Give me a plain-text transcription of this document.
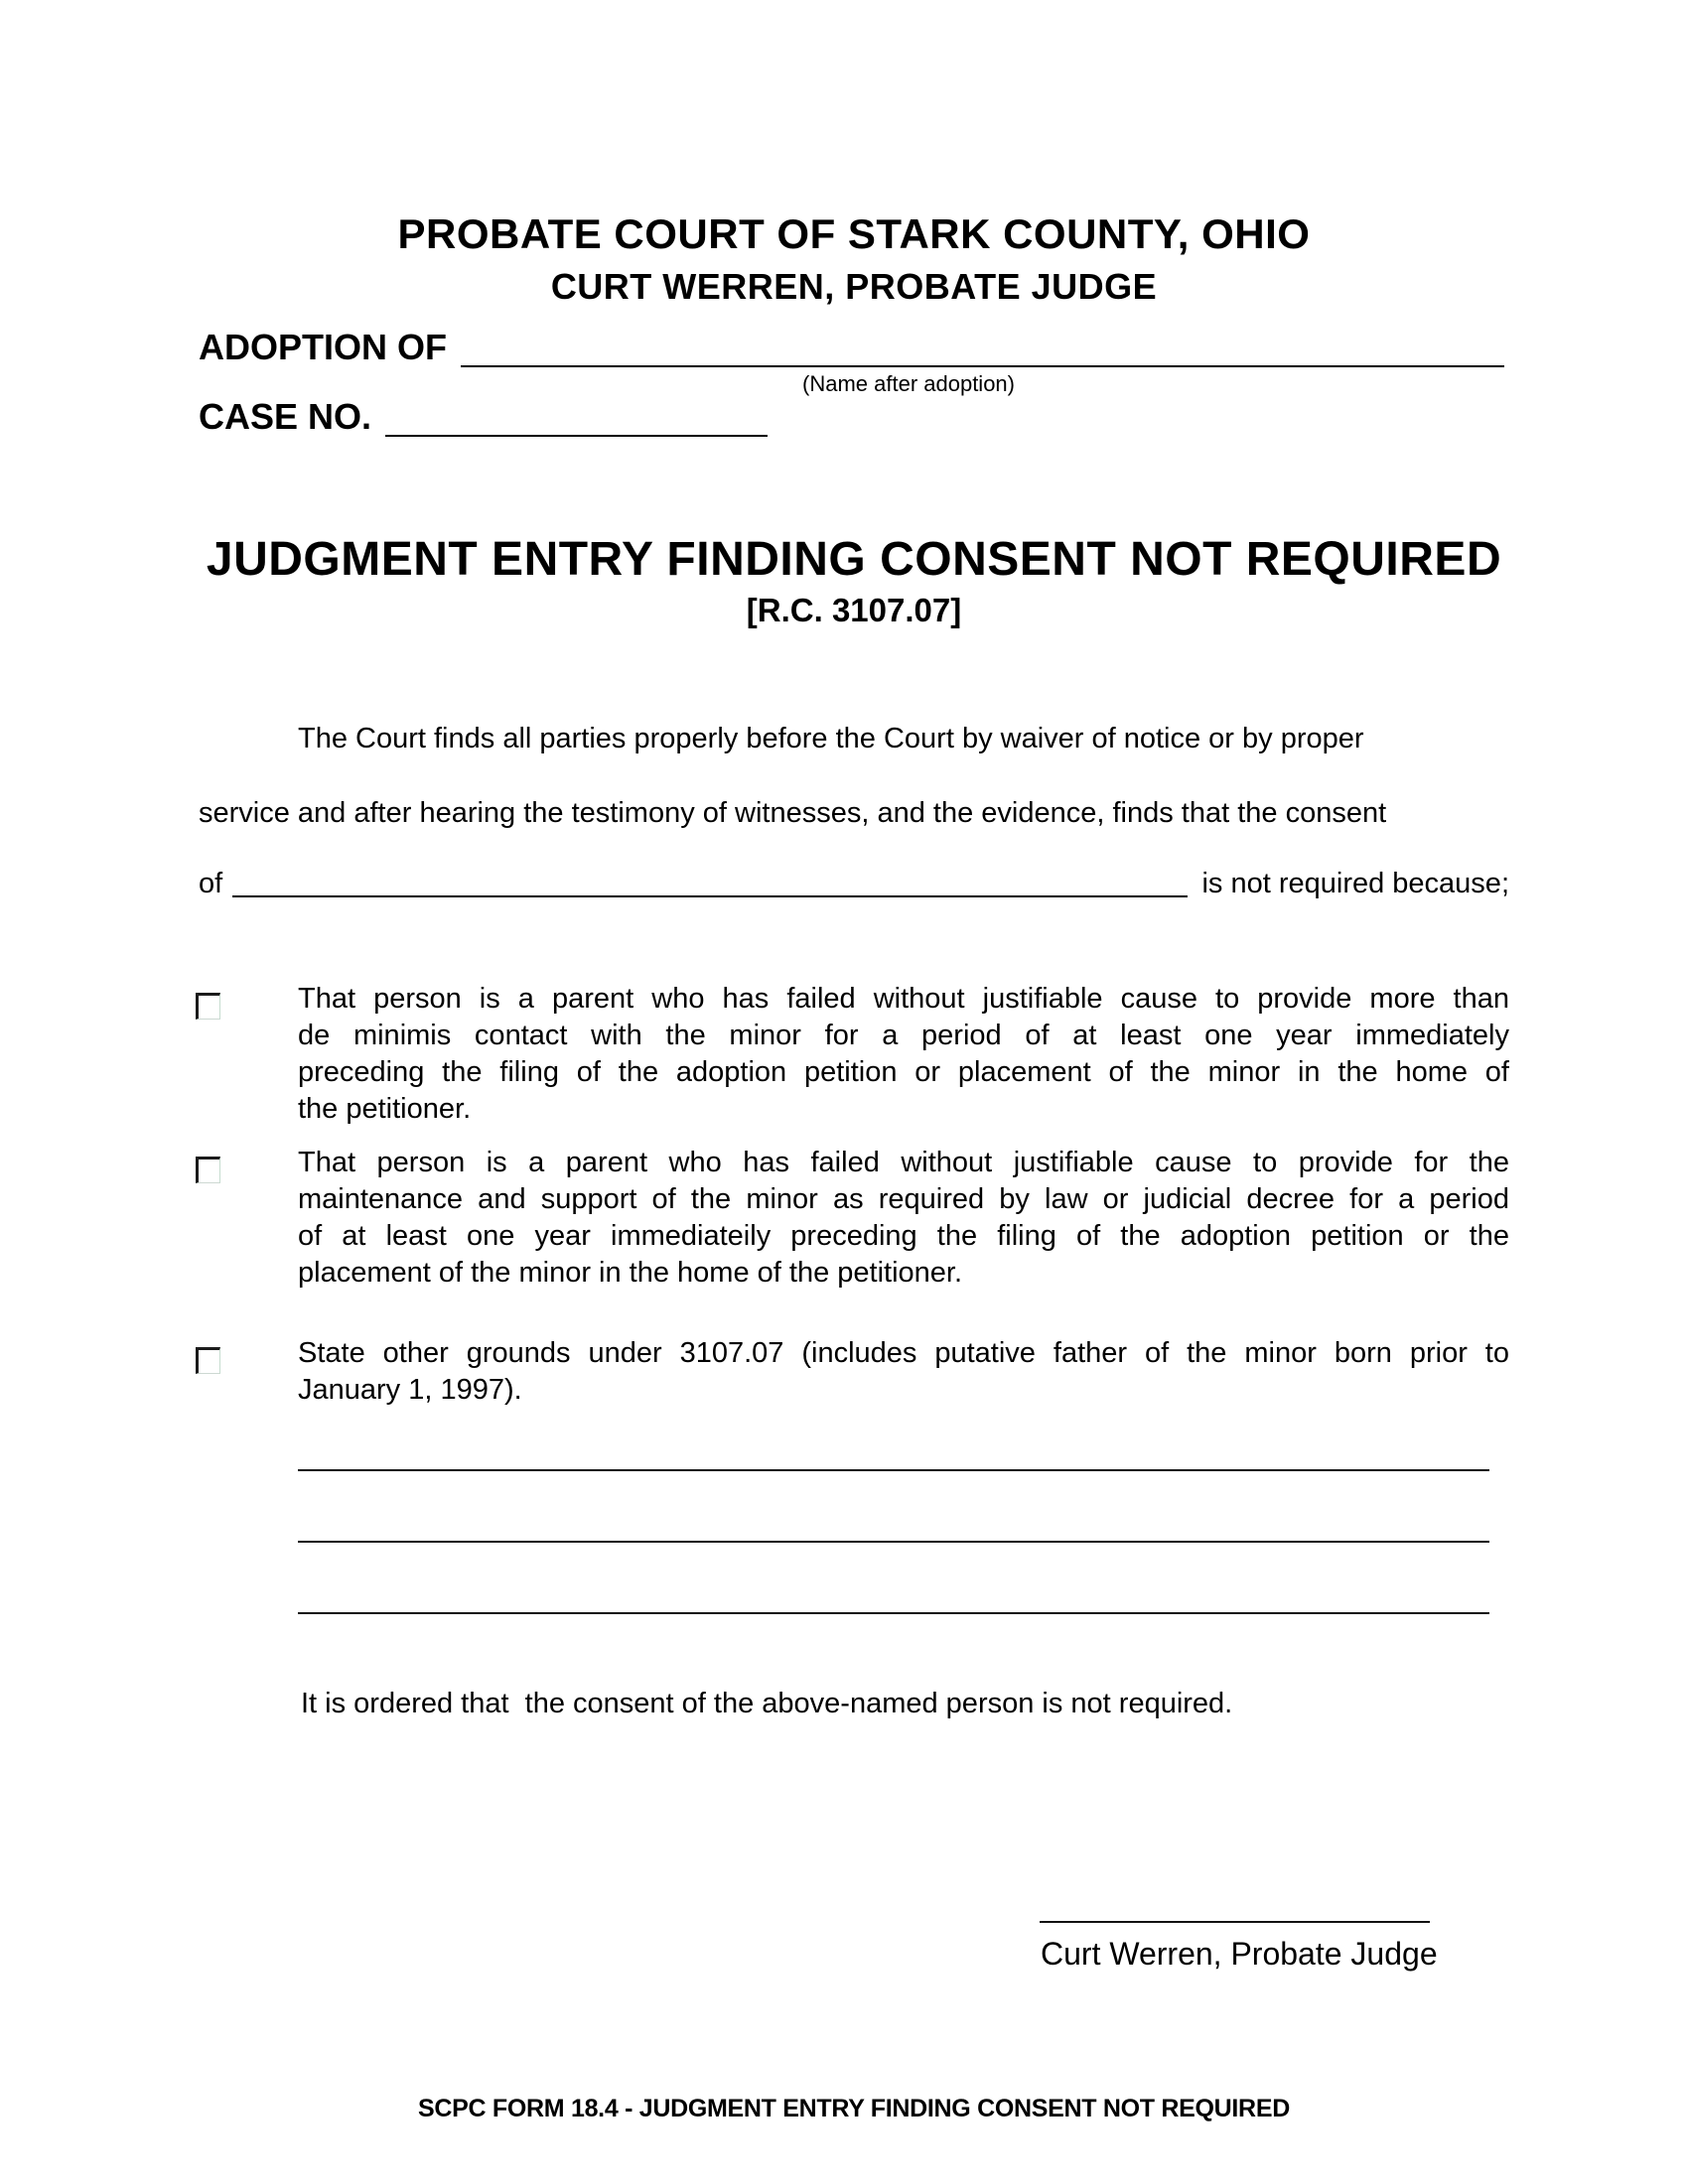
PROBATE COURT OF STARK COUNTY, OHIO
CURT WERREN, PROBATE JUDGE
ADOPTION OF
(Name after adoption)
CASE NO.
JUDGMENT ENTRY FINDING CONSENT NOT REQUIRED
[R.C. 3107.07]
The Court finds all parties properly before the Court by waiver of notice or by proper
service and after hearing the testimony of witnesses, and the evidence, finds that the consent
of	is not required because;
That person is a parent who has failed without justifiable cause to provide more than
de minimis contact with the minor for a period of at least one year immediately
preceding the filing of the adoption petition or placement of the minor in the home of
the petitioner.
That person is a parent who has failed without justifiable cause to provide for the
maintenance and support of the minor as required by law or judicial decree for a period
of at least one year immediateily preceding the filing of the adoption petition or the
placement of the minor in the home of the petitioner.
State other grounds under 3107.07 (includes putative father of the minor born prior to
January 1, 1997).
It is ordered that  the consent of the above-named person is not required.
Curt Werren, Probate Judge
SCPC FORM 18.4 - JUDGMENT ENTRY FINDING CONSENT NOT REQUIRED
